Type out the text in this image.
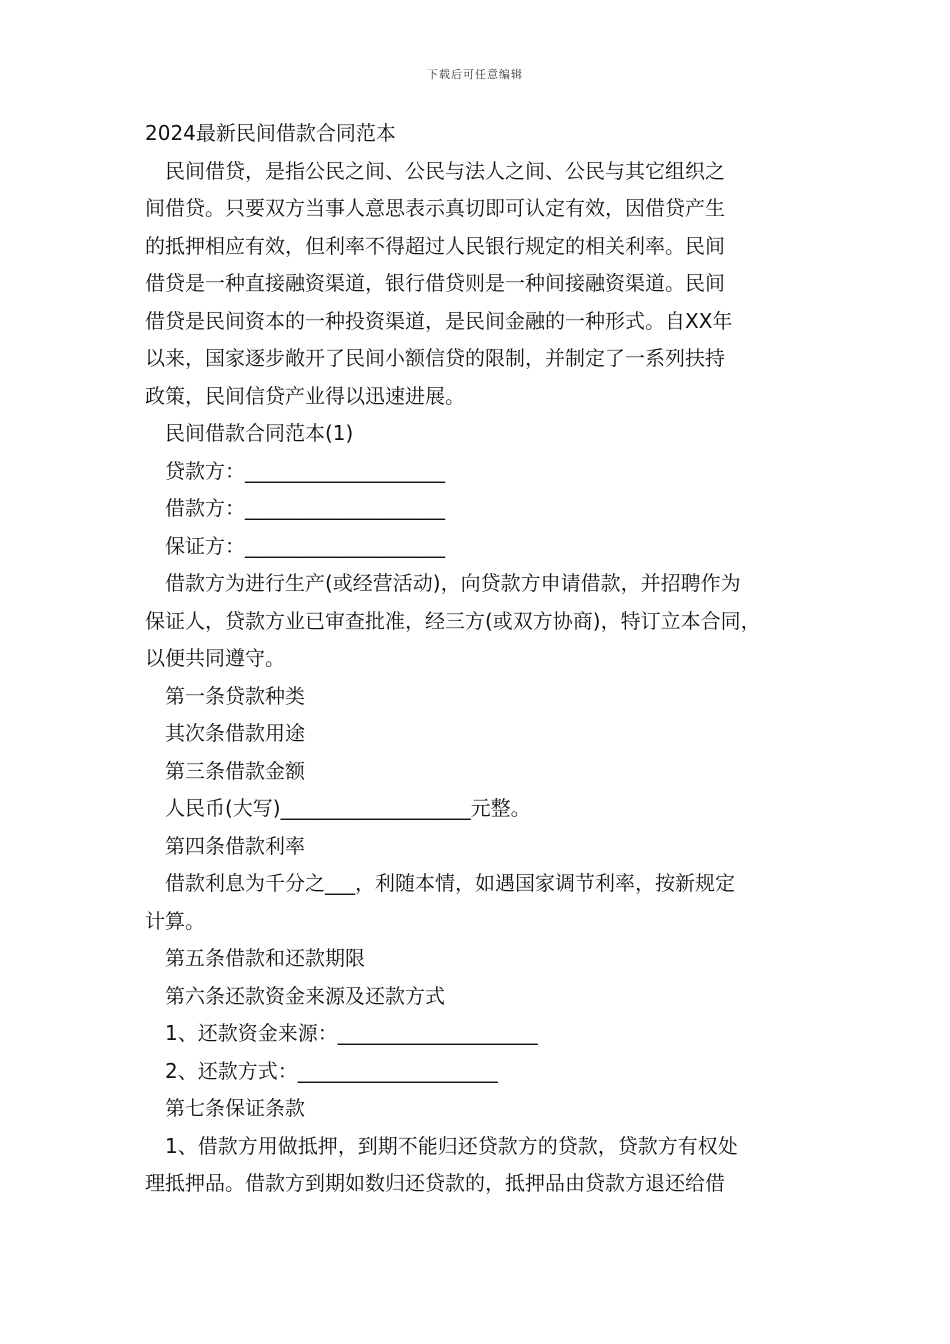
下载后可任意编辑
2024最新民间借款合同范本
民间借贷，是指公民之间、公民与法人之间、公民与其它组织之
间借贷。只要双方当事人意思表示真切即可认定有效，因借贷产生
的抵押相应有效，但利率不得超过人民银行规定的相关利率。民间
借贷是一种直接融资渠道，银行借贷则是一种间接融资渠道。民间
借贷是民间资本的一种投资渠道，是民间金融的一种形式。自XX年
以来，国家逐步敞开了民间小额信贷的限制，并制定了一系列扶持
政策，民间信贷产业得以迅速进展。
民间借款合同范本(1)
贷款方：____________________
借款方：____________________
保证方：____________________
借款方为进行生产(或经营活动)，向贷款方申请借款，并招聘作为
保证人，贷款方业已审查批准，经三方(或双方协商)，特订立本合同，
以便共同遵守。
第一条贷款种类
其次条借款用途
第三条借款金额
人民币(大写)___________________元整。
第四条借款利率
借款利息为千分之___，利随本情，如遇国家调节利率，按新规定
计算。
第五条借款和还款期限
第六条还款资金来源及还款方式
1、还款资金来源：____________________
2、还款方式：____________________
第七条保证条款
1、借款方用做抵押，到期不能归还贷款方的贷款，贷款方有权处
理抵押品。借款方到期如数归还贷款的，抵押品由贷款方退还给借
